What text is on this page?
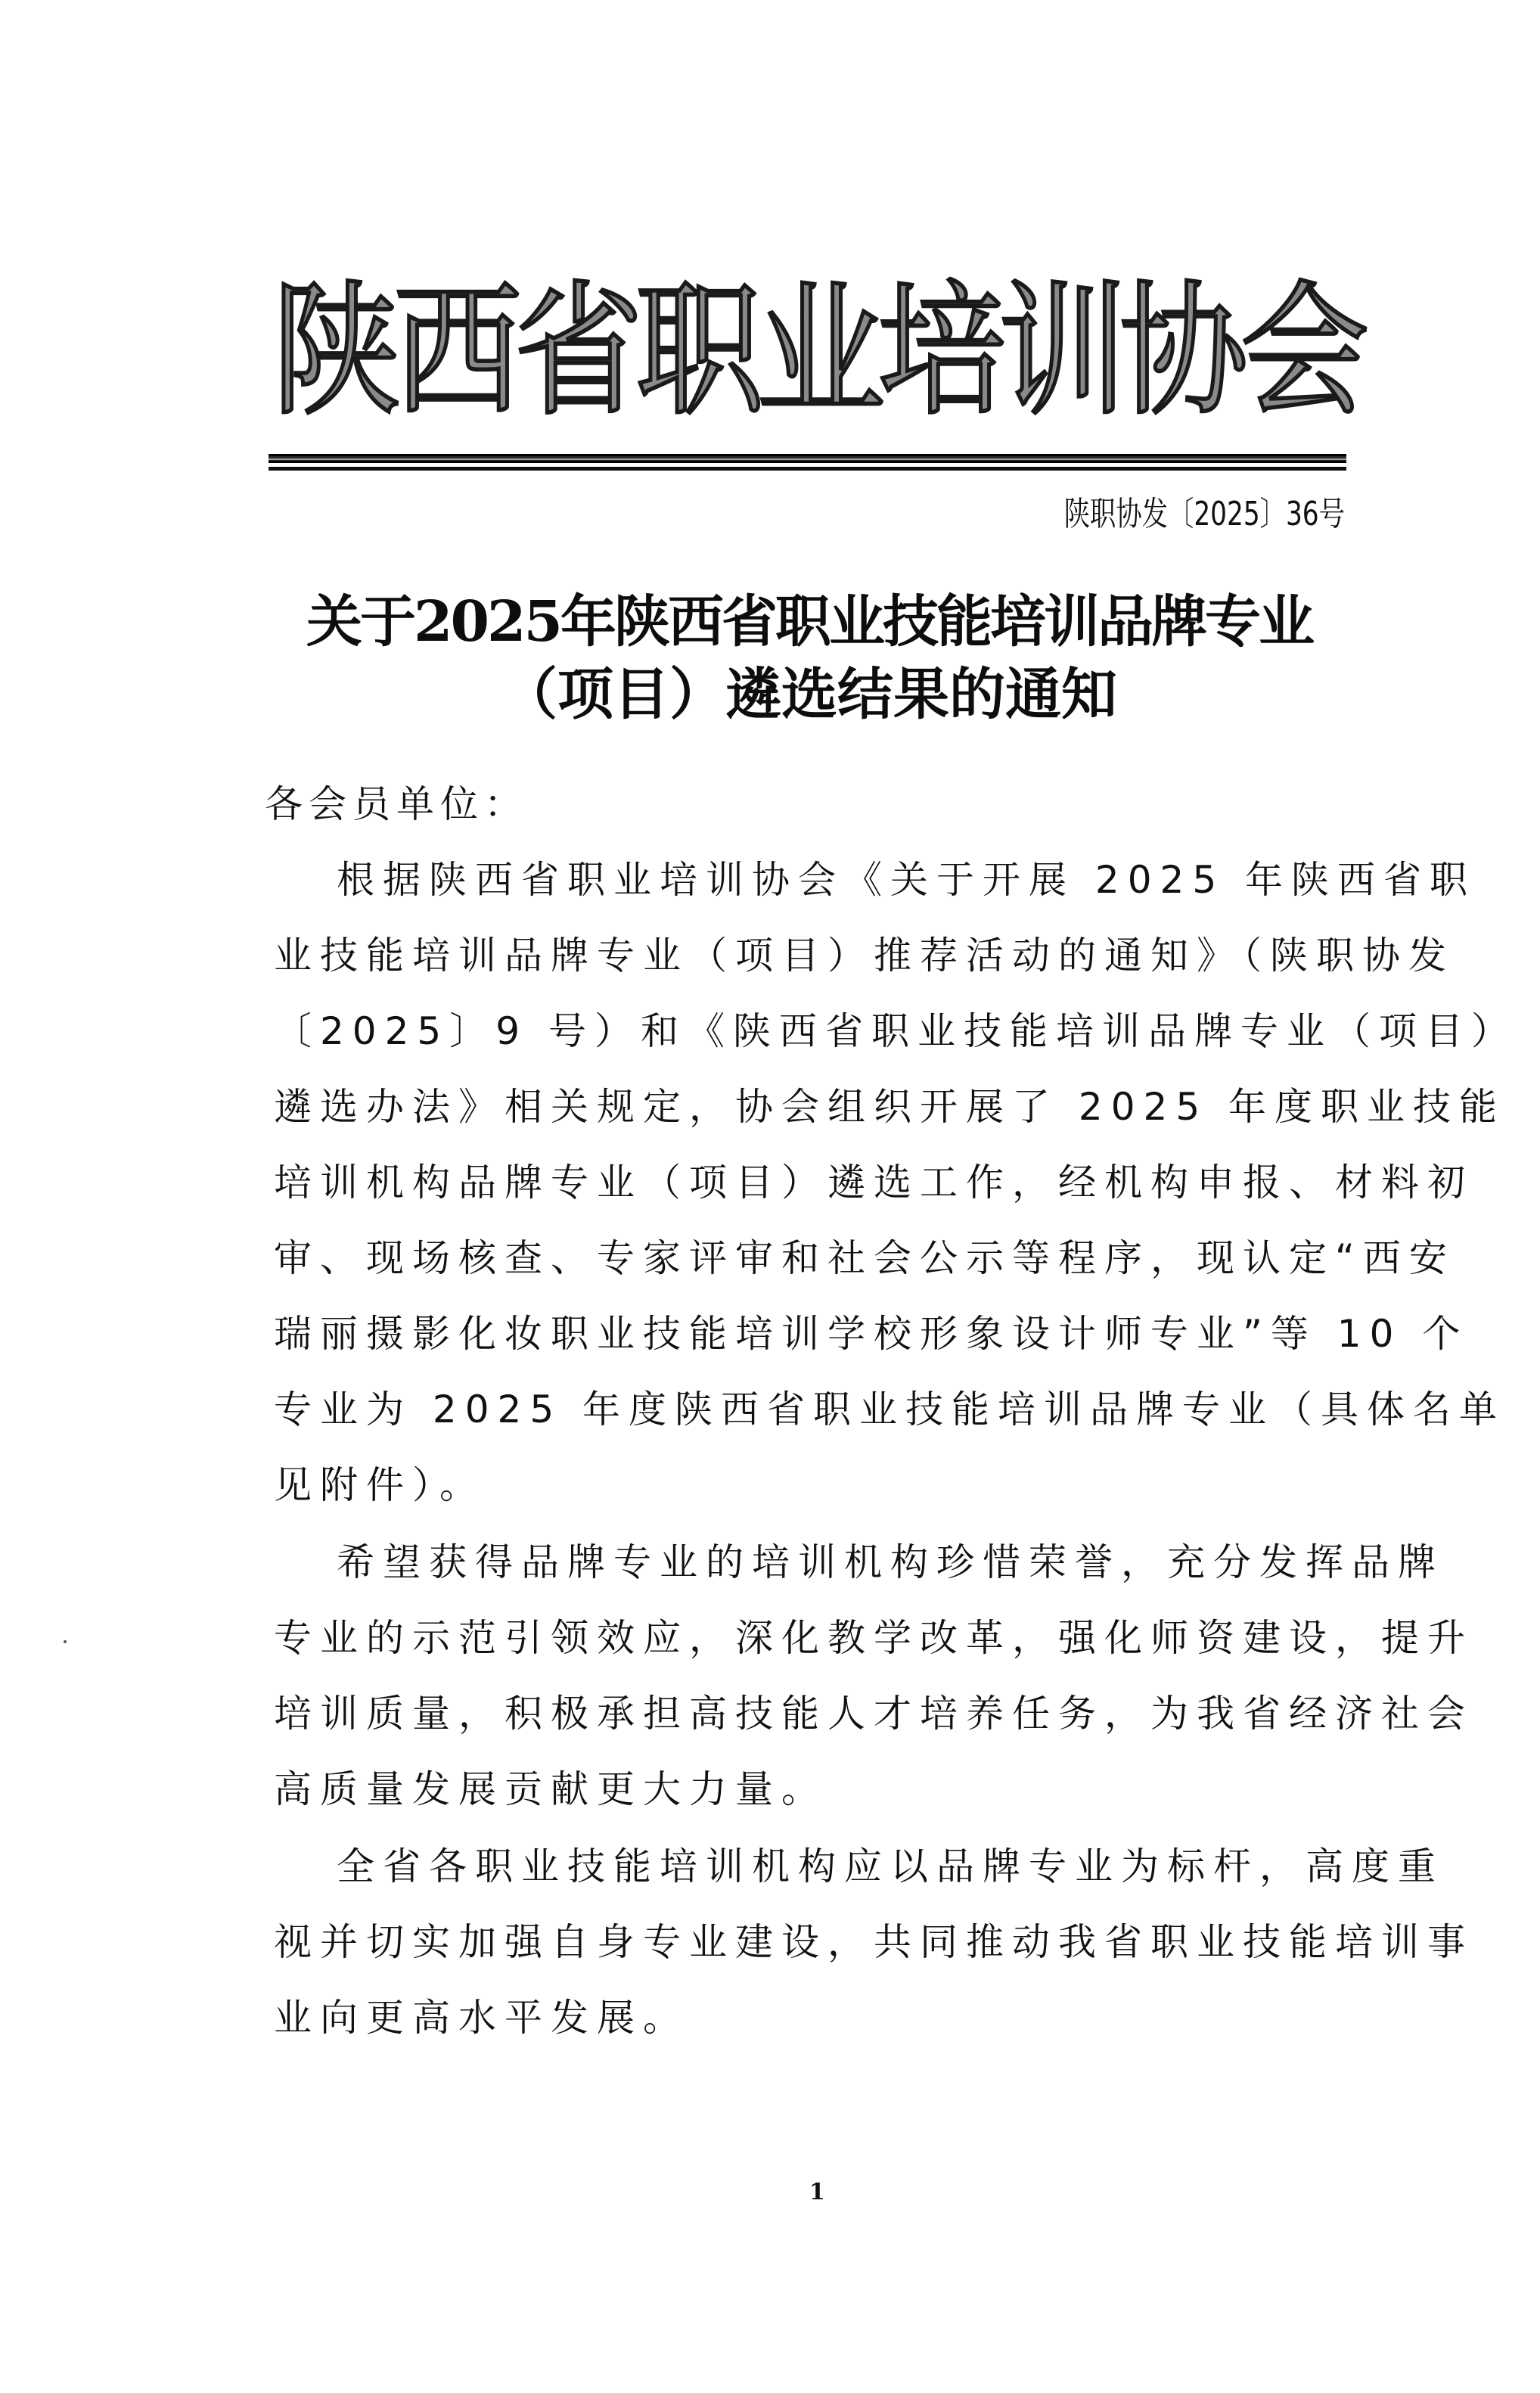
陕
西
省
职
业
培
训
协
会
陕职协发〔2025〕36号
关于2025年陕西省职业技能培训品牌专业
（项目）遴选结果的通知
各会员单位：
根据陕西省职业培训协会《关于开展 2025 年陕西省职
业技能培训品牌专业（项目）推荐活动的通知》（陕职协发
〔2025〕9 号）和《陕西省职业技能培训品牌专业（项目）
遴选办法》相关规定，协会组织开展了 2025 年度职业技能
培训机构品牌专业（项目）遴选工作，经机构申报、材料初
审、现场核查、专家评审和社会公示等程序，现认定“西安
瑞丽摄影化妆职业技能培训学校形象设计师专业”等 10 个
专业为 2025 年度陕西省职业技能培训品牌专业（具体名单
见附件）。
希望获得品牌专业的培训机构珍惜荣誉，充分发挥品牌
专业的示范引领效应，深化教学改革，强化师资建设，提升
培训质量，积极承担高技能人才培养任务，为我省经济社会
高质量发展贡献更大力量。
全省各职业技能培训机构应以品牌专业为标杆，高度重
视并切实加强自身专业建设，共同推动我省职业技能培训事
业向更高水平发展。
1
